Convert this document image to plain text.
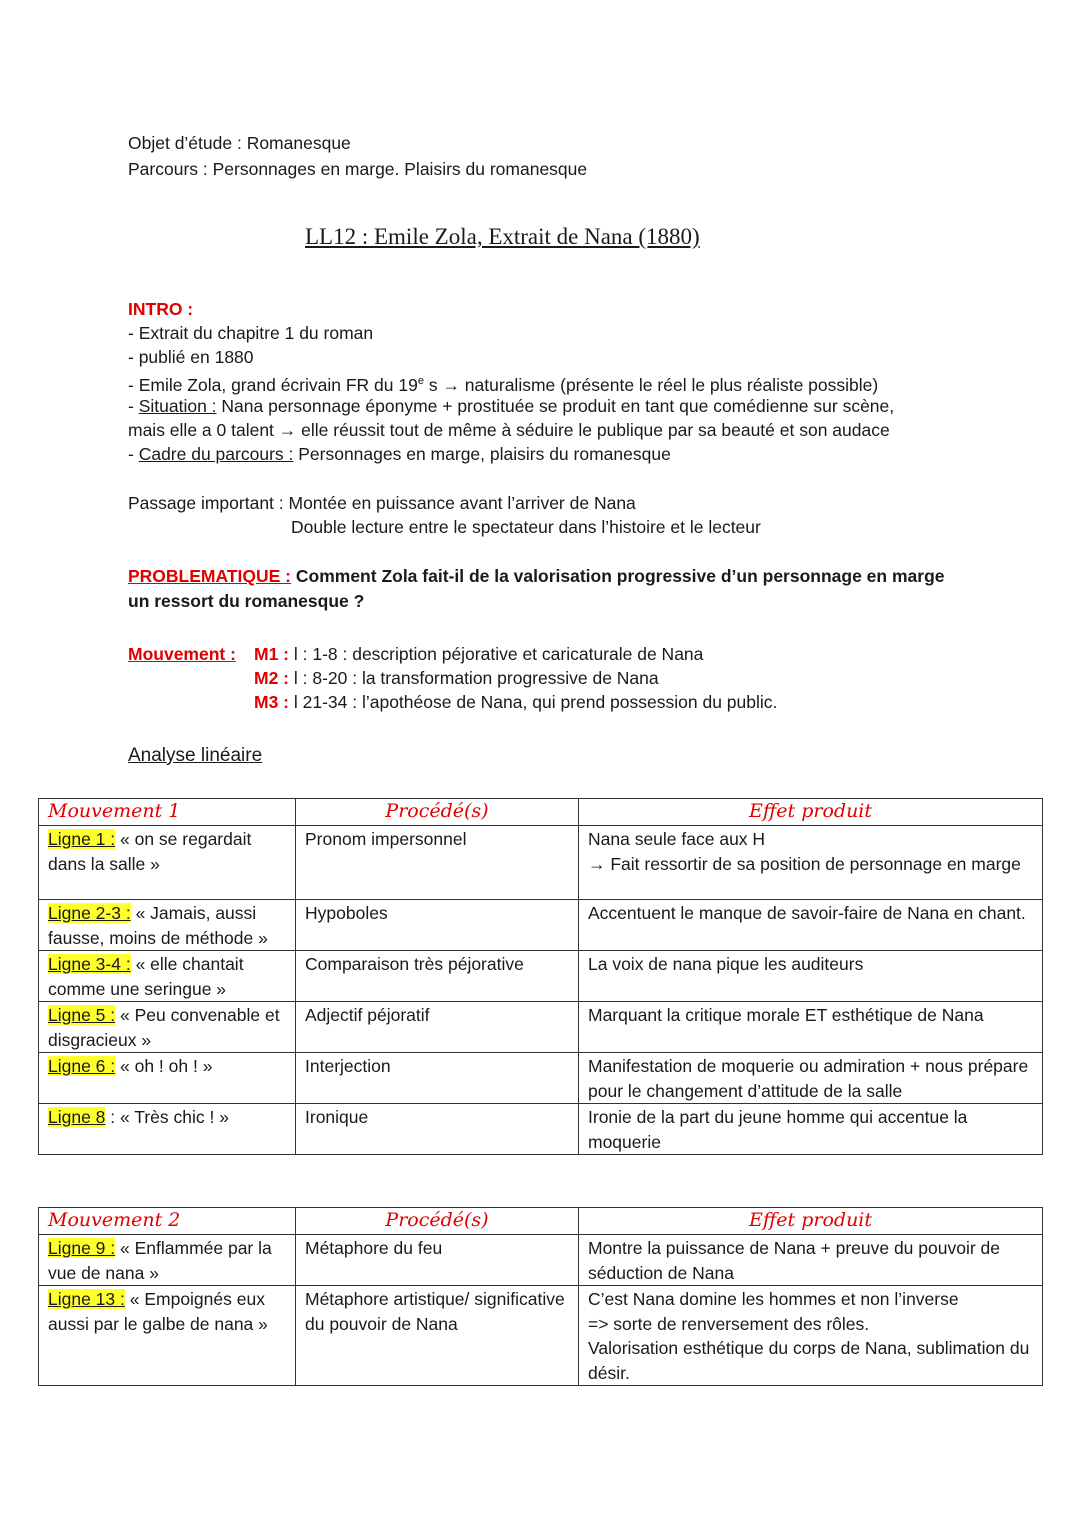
Objet d’étude : Romanesque
Parcours : Personnages en marge. Plaisirs du romanesque
LL12 : Emile Zola, Extrait de Nana (1880)
INTRO :
- Extrait du chapitre 1 du roman
- publié en 1880
- Emile Zola, grand écrivain FR du 19e s → naturalisme (présente le réel le plus réaliste possible)
- Situation : Nana personnage éponyme + prostituée se produit en tant que comédienne sur scène,
mais elle a 0 talent → elle réussit tout de même à séduire le publique par sa beauté et son audace
- Cadre du parcours : Personnages en marge, plaisirs du romanesque
Passage important : Montée en puissance avant l’arriver de Nana
Double lecture entre le spectateur dans l’histoire et le lecteur
PROBLEMATIQUE : Comment Zola fait-il de la valorisation progressive d’un personnage en marge
un ressort du romanesque ?
Mouvement : M1 : l : 1-8 : description péjorative et caricaturale de Nana
M2 : l : 8-20 : la transformation progressive de Nana
M3 : l 21-34 : l’apothéose de Nana, qui prend possession du public.
Analyse linéaire
Mouvement 1	Procédé(s)	Effet produit
Ligne 1 : « on se regardait dans la salle »	Pronom impersonnel	Nana seule face aux H
→ Fait ressortir de sa position de personnage en marge

Ligne 2-3 : « Jamais, aussi fausse, moins de méthode »	Hypoboles	Accentuent le manque de savoir-faire de Nana en chant.
Ligne 3-4 : « elle chantait comme une seringue »	Comparaison très péjorative	La voix de nana pique les auditeurs
Ligne 5 : « Peu convenable et disgracieux »	Adjectif péjoratif	Marquant la critique morale ET esthétique de Nana
Ligne 6 : « oh ! oh ! »	Interjection	Manifestation de moquerie ou admiration + nous prépare pour le changement d’attitude de la salle
Ligne 8 : « Très chic ! »	Ironique	Ironie de la part du jeune homme qui accentue la moquerie
Mouvement 2	Procédé(s)	Effet produit
Ligne 9 : « Enflammée par la vue de nana »	Métaphore du feu	Montre la puissance de Nana + preuve du pouvoir de séduction de Nana
Ligne 13 : « Empoignés eux aussi par le galbe de nana »	Métaphore artistique/ significative du pouvoir de Nana	C’est Nana domine les hommes et non l’inverse
=> sorte de renversement des rôles.
Valorisation esthétique du corps de Nana, sublimation du désir.
